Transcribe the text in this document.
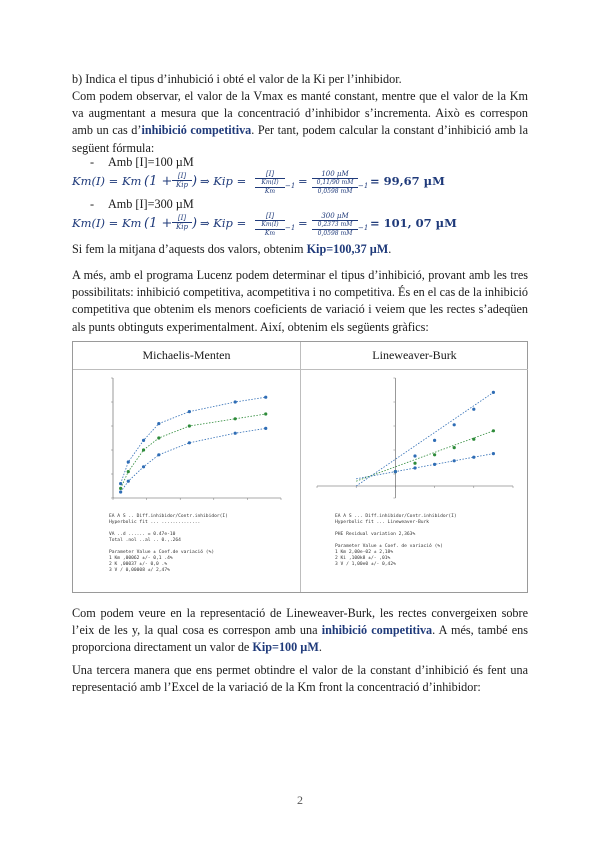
b) Indica el tipus d’inhubició i obté el valor de la Ki per l’inhibidor.
Com podem observar, el valor de la Vmax es manté constant, mentre que el valor de la Km va augmentant a mesura que la concentració d’inhibidor s’incrementa. Això es correspon amb un cas d’inhibició competitiva. Per tant, podem calcular la constant d’inhibició amb la següent fórmula:
- Amb [I]=100 µM
Km(I) = Km (1 + [I]
Kip ) ⇒ Kip =	[I]
Km(I)
Km
−1 =	100 µM
0,11/90 mM
0,0598 mM
−1 = 99,67 µM
- Amb [I]=300 µM
Km(I) = Km (1 + [I]
Kip ) ⇒ Kip =	[I]
Km(I)
Km
−1 =	300 µM
0,2373 mM
0,0598 mM
−1 = 101, 07 µM
Si fem la mitjana d’aquests dos valors, obtenim Kip=100,37 µM.
A més, amb el programa Lucenz podem determinar el tipus d’inhibició, provant amb les tres possibilitats: inhibició competitiva, acompetitiva i no competitiva. És en el cas de la inhibició competitiva que obtenim els menors coeficients de variació i veiem que les rectes s’adeqüen als punts obtinguts experimentalment. Així, obtenim els següents gràfics:
Michaelis-Menten	Lineweaver-Burk
EA A S .. Diff.inhibidor/Contr.inhibidor(I)
Hyperbolic fit ... ..............

VA ..d ...... = 0.47e-10
Total .nol ..al .. 0.,.264

Parameter Value ± Coef.de variació (%)
1 Km ,00062 ±/- 0,1 .4%
2 K ,00037 ±/- 0,0 .%
3 V / 0,00008 ±/ 2,47%
EA A S ... Diff.inhibidor/Contr.inhibidor(I)
Hyperbolic fit ... Lineweaver-Burk

PHE Residual variation 2,363%

Parameter Value ± Coef. de variació (%)
1 Km 2,00e-02 ± 2,18%
2 Ki ,100k8 ±/- ,01%
3 V / 1,00e0 ±/- 0,42%
Com podem veure en la representació de Lineweaver-Burk, les rectes convergeixen sobre l’eix de les y, la qual cosa es correspon amb una inhibició competitiva. A més, també ens proporciona directament un valor de Kip=100 µM.
Una tercera manera que ens permet obtindre el valor de la constant d’inhibició és fent una representació amb l’Excel de la variació de la Km front la concentració d’inhibidor:
2
